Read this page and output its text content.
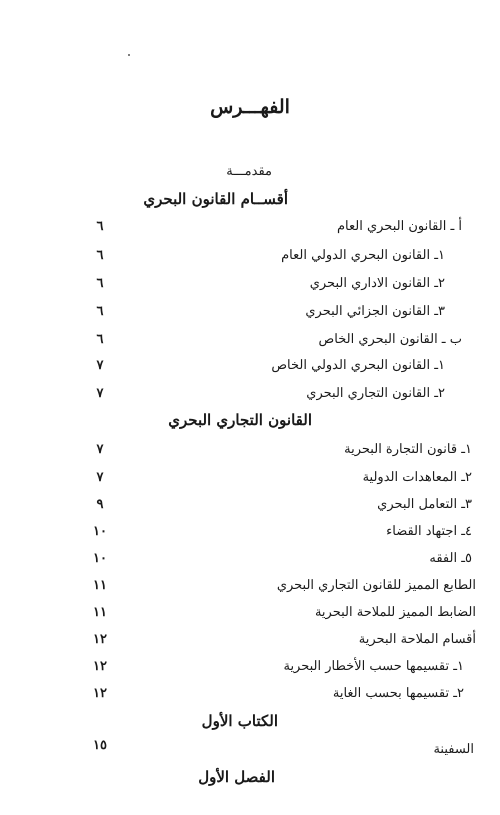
الفهـــرس
مقدمـــة
أقســام القانون البحري
أ ـ القانون البحري العام
٦
١ـ القانون البحري الدولي العام
٦
٢ـ القانون الاداري البحري
٦
٣ـ القانون الجزائي البحري
٦
ب ـ القانون البحري الخاص
٦
١ـ القانون البحري الدولي الخاص
٧
٢ـ القانون التجاري البحري
٧
القانون التجاري البحري
١ـ قانون التجارة البحرية
٧
٢ـ المعاهدات الدولية
٧
٣ـ التعامل البحري
٩
٤ـ اجتهاد القضاء
١٠
٥ـ الفقه
١٠
الطابع المميز للقانون التجاري البحري
١١
الضابط المميز للملاحة البحرية
١١
أقسام الملاحة البحرية
١٢
١ـ تقسيمها حسب الأخطار البحرية
١٢
٢ـ تقسيمها بحسب الغاية
١٢
الكتاب الأول
السفينة
١٥
الفصل الأول
